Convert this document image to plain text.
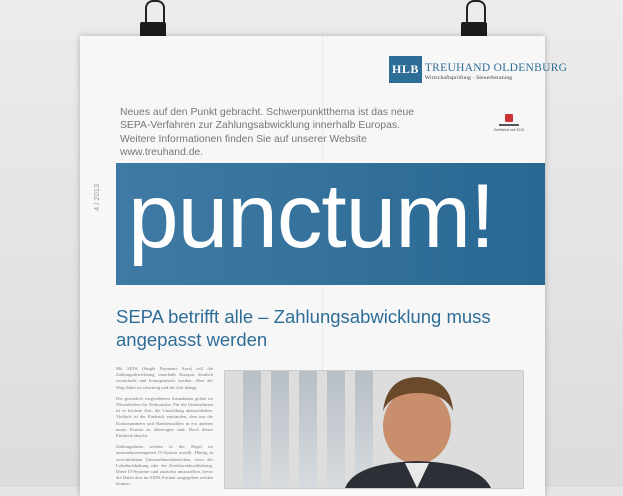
HLB TREUHAND OLDENBURG
Wirtschaftsprüfung · Steuerberatung
Neues auf den Punkt gebracht. Schwerpunktthema ist das neue SEPA-Verfahren zur Zahlungsabwicklung innerhalb Europas. Weitere Informationen finden Sie auf unserer Website www.treuhand.de.
Zertifiziert seit 2010
4 / 2013 punctum!
SEPA betrifft alle – Zahlungsabwicklung muss angepasst werden

Mit SEPA (Single Payments Area) soll die Zahlungsabwicklung innerhalb Europas deutlich vereinfacht und homogenisiert werden. Aber der Weg dahin ist schwierig und die Zeit drängt.

Die gesetzlich vorgesehenen Ausnahmen gelten im Wesentlichen für Verbraucher. Für die Unternehmen ist es höchste Zeit, die Umstellung abzuschließen. Vielfach ist der Eindruck entstanden, dass nur die Kontonummern und Bankleitzahlen in ein anderes neues Format zu übertragen sind. Doch dieser Eindruck täuscht.

Zahlungsdaten werden in der Regel im unternehmenseigenen IT-System erstellt. Häufig in verschiedenen Unternehmensbereichen, etwa der Lohnbuchhaltung oder der Kreditorenbuchhaltung. Diese IT-Systeme sind zunächst umzustellen, bevor die Daten dort im SEPA-Format ausgegeben werden können.
